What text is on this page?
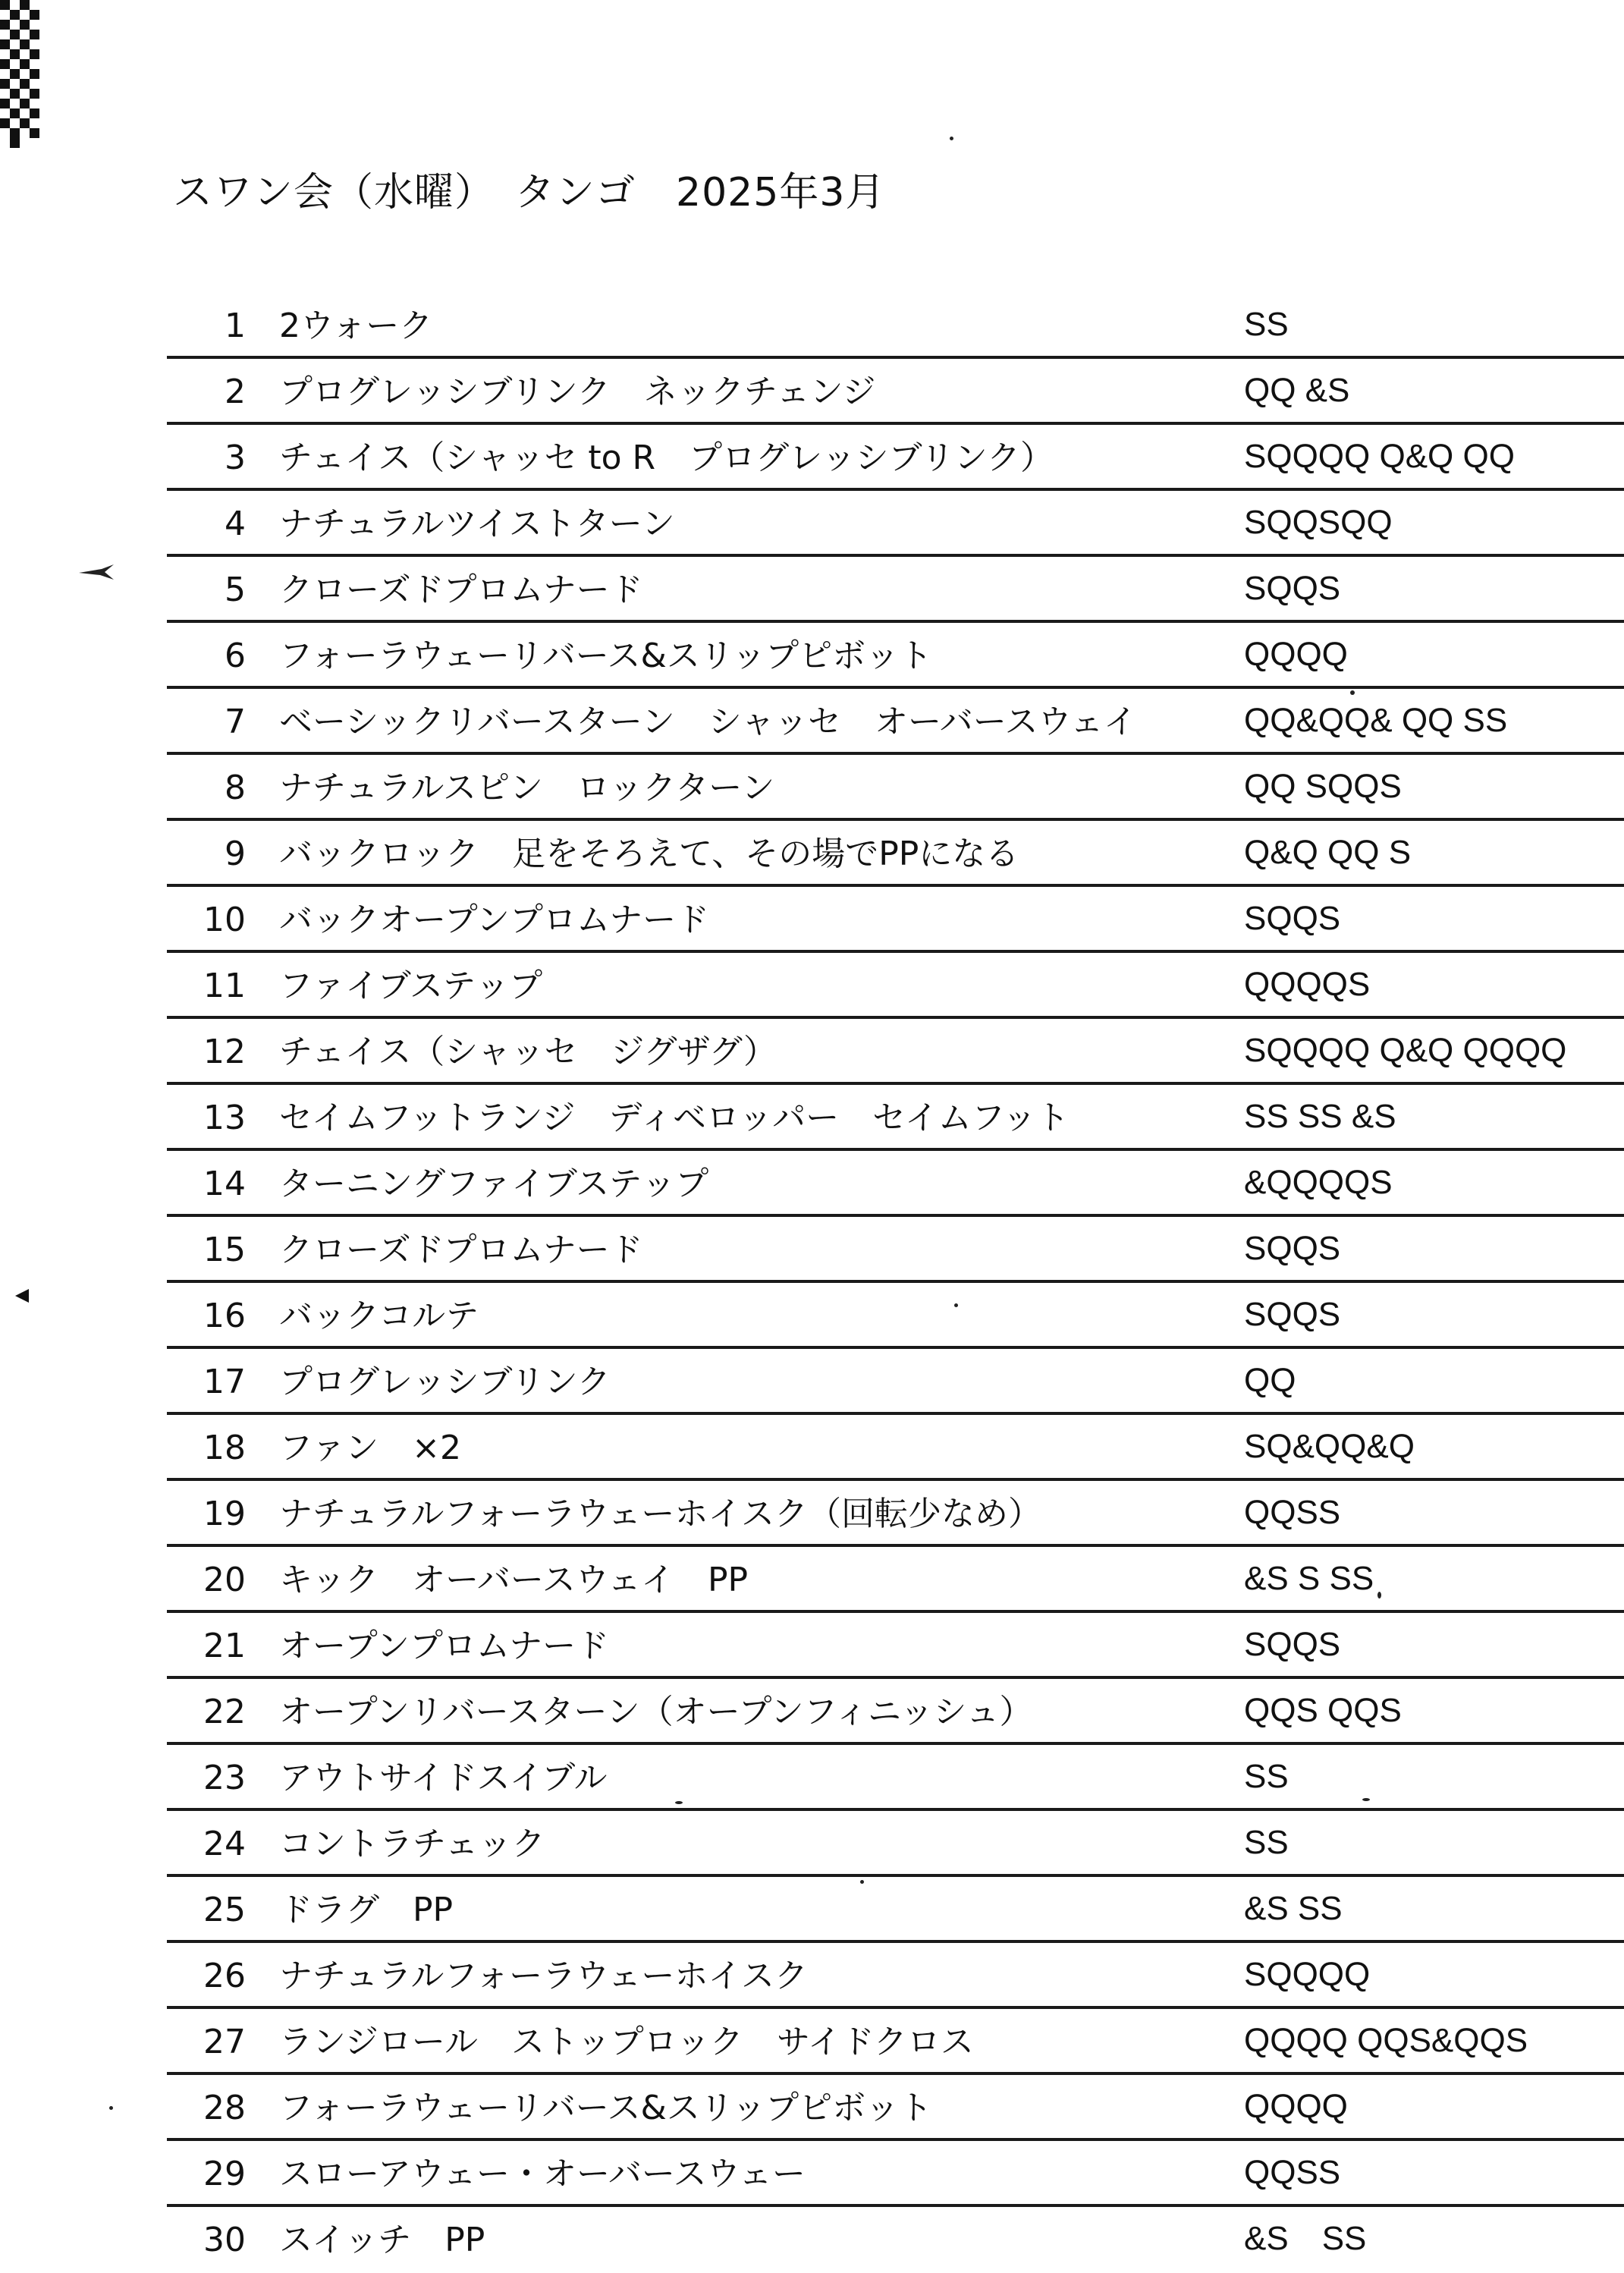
スワン会（水曜）　タンゴ　2025年3月
1 2ウォーク	SS
2 プログレッシブリンク　ネックチェンジ	QQ &S
3 チェイス（シャッセ to R　プログレッシブリンク）	SQQQQ Q&Q QQ
4 ナチュラルツイストターン	SQQSQQ
5 クローズドプロムナード	SQQS
6 フォーラウェーリバース&スリップピボット	QQQQ
7 ベーシックリバースターン　シャッセ　オーバースウェイ	QQ&QQ& QQ SS
8 ナチュラルスピン　ロックターン	QQ SQQS
9 バックロック　足をそろえて、その場でPPになる	Q&Q QQ S
10 バックオープンプロムナード	SQQS
11 ファイブステップ	QQQQS
12 チェイス（シャッセ　ジグザグ）	SQQQQ Q&Q QQQQ
13 セイムフットランジ　ディベロッパー　セイムフット	SS SS &S
14 ターニングファイブステップ	&QQQQS
15 クローズドプロムナード	SQQS
16 バックコルテ	SQQS
17 プログレッシブリンク	QQ
18 ファン　×2	SQ&QQ&Q
19 ナチュラルフォーラウェーホイスク（回転少なめ）	QQSS
20 キック　オーバースウェイ　PP	&S S SS
21 オープンプロムナード	SQQS
22 オープンリバースターン（オープンフィニッシュ）	QQS QQS
23 アウトサイドスイブル	SS
24 コントラチェック	SS
25 ドラグ　PP	&S SS
26 ナチュラルフォーラウェーホイスク	SQQQQ
27 ランジロール　ストップロック　サイドクロス	QQQQ QQS&QQS
28 フォーラウェーリバース&スリップピボット	QQQQ
29 スローアウェー・オーバースウェー	QQSS
30 スイッチ　PP	&S　SS
